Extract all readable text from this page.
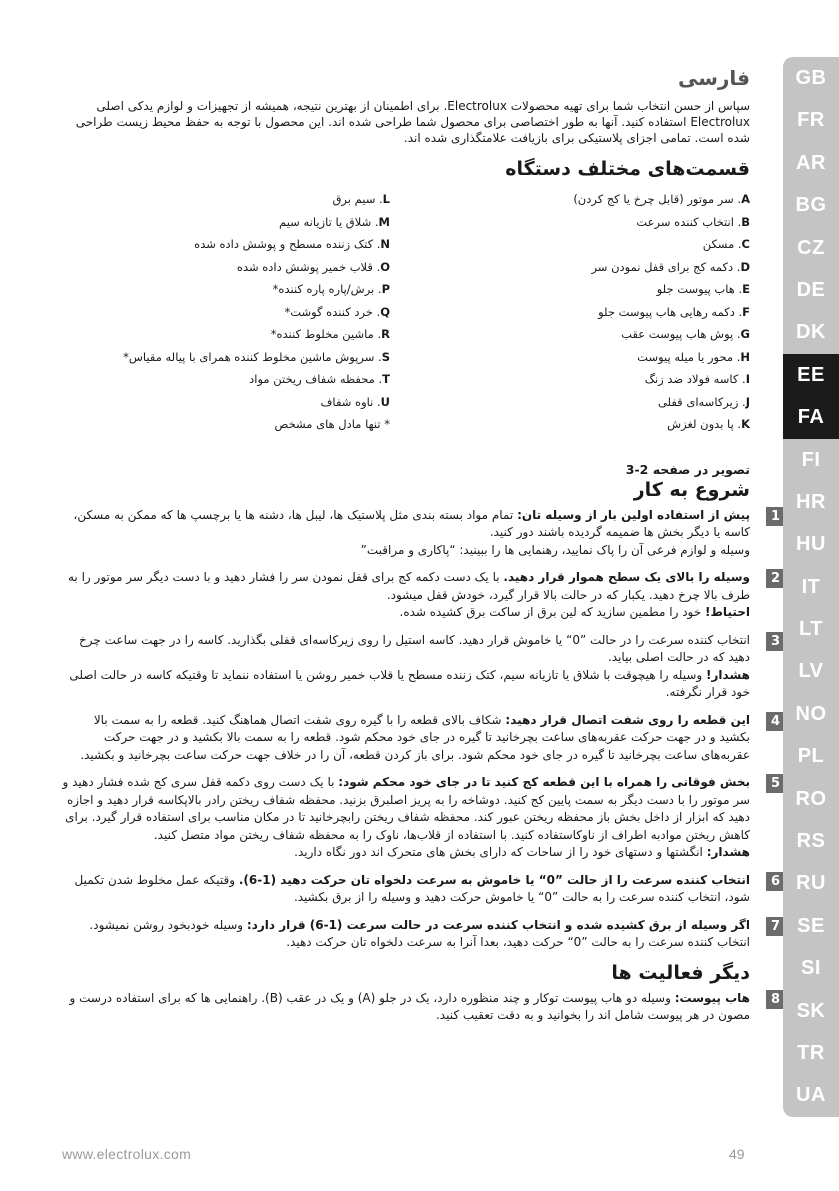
فارسی

سپاس از حسن انتخاب شما برای تهیه محصولات Electrolux. برای اطمینان از بهترین نتیجه، همیشه از تجهیزات و لوازم یدکی اصلی Electrolux استفاده کنید. آنها به طور اختصاصی برای محصول شما طراحی شده اند. این محصول با توجه به حفظ محیط زیست طراحی شده است. تمامی اجزای پلاستیکی برای بازیافت علامتگذاری شده اند.

قسمت‌های مختلف دستگاه
A. سر موتور (قابل چرخ یا کج کردن)
B. انتخاب کننده سرعت
C. مسکن
D. دکمه کج برای قفل نمودن سر
E. هاب پیوست جلو
F. دکمه رهایی هاب پیوست جلو
G. پوش هاب پیوست عقب
H. محور یا میله پیوست
I. کاسه فولاد ضد زنگ
J. زیرکاسه‌ای قفلی
K. پا بدون لغزش
L. سیم برق
M. شلاق یا تازیانه سیم
N. کتک زننده مسطح و پوشش داده شده
O. قلاب خمیر پوشش داده شده
P. برش/پاره پاره کننده*
Q. خرد کننده گوشت*
R. ماشین مخلوط کننده*
S. سرپوش ماشین مخلوط کننده همرای با پیاله مقیاس*
T. محفظه شفاف ریختن مواد
U. ناوه شفاف

* تنها مادل های مشخص

تصویر در صفحه 2-3

شروع به کار
1

پیش از استفاده اولین بار از وسیله تان: تمام مواد بسته بندی مثل پلاستیک ها، لیبل ها، دشنه ها یا برچسپ ها که ممکن به مسکن، کاسه یا دیگر بخش ها ضمیمه گردیده باشند دور کنید.

وسیله و لوازم فرعی آن را پاک نمایید، رهنمایی ها را ببینید: “پاکاری و مراقبت”

2

وسیله را بالای یک سطح هموار قرار دهید. با یک دست دکمه کج برای قفل نمودن سر را فشار دهید و با دست دیگر سر موتور را به طرف بالا چرخ دهید. یکبار که در حالت بالا قرار گیرد، خودش قفل میشود.

احتیاط! خود را مطمین سازید که لین برق از ساکت برق کشیده شده.

3

انتخاب کننده سرعت را در حالت ”0“ یا خاموش قرار دهید. کاسه استیل را روی زیرکاسه‌ای قفلی بگذارید. کاسه را در جهت ساعت چرخ دهید که در حالت اصلی بیاید.

هشدار! وسیله را هیچوقت با شلاق یا تازیانه سیم، کتک زننده مسطح یا قلاب خمیر روشن یا استفاده ننماید تا وقتیکه کاسه در حالت اصلی خود قرار نگرفته.

4

این قطعه را روی شفت اتصال قرار دهید: شکاف بالای قطعه را با گیره روی شفت اتصال هماهنگ کنید. قطعه را به سمت بالا بکشید و در جهت حرکت عقربه‌های ساعت بچرخانید تا گیره در جای خود محکم شود. قطعه را به سمت بالا بکشید و در جهت حرکت عقربه‌های ساعت بچرخانید تا گیره در جای خود محکم شود. برای باز کردن قطعه، آن را در خلاف جهت حرکت ساعت بچرخانید و بکشید.

5

بخش فوقانی را همراه با این قطعه کج کنید تا در جای خود محکم شود: با یک دست روی دکمه قفل سری کج شده فشار دهید و سر موتور را با دست دیگر به سمت پایین کج کنید. دوشاخه را به پریز اصلبرق بزنید. محفظه شفاف ریختن رادر بالاپکاسه قرار دهید و اجازه دهید که ابزار از داخل بخش باز محفظه ریختن عبور کند. محفظه شفاف ریختن رابچرخانید تا در مکان مناسب برای استفاده قرار گیرد. برای کاهش ریختن موادبه اطراف از ناوکاستفاده کنید. با استفاده از قلاب‌ها، ناوک را به محفظه شفاف ریختن مواد متصل کنید.

هشدار: انگشتها و دستهای خود را از ساحات که دارای بخش های متحرک اند دور نگاه دارید.

6

انتخاب کننده سرعت را از حالت ”0“ یا خاموش به سرعت دلخواه تان حرکت دهید (1-6). وقتیکه عمل مخلوط شدن تکمیل شود، انتخاب کننده سرعت را به حالت ”0“ یا خاموش حرکت دهید و وسیله را از برق بکشید.

7

اگر وسیله از برق کشیده شده و انتخاب کننده سرعت در حالت سرعت (1-6) قرار دارد: وسیله خودبخود روشن نمیشود. انتخاب کننده سرعت را به حالت ”0“ حرکت دهید، بعدا آنرا به سرعت دلخواه تان حرکت دهید.

دیگر فعالیت ها
8

هاب پیوست: وسیله دو هاب پیوست توکار و چند منظوره دارد، یک در جلو (A) و یک در عقب (B). راهنمایی ها که برای استفاده درست و مصون در هر پیوست شامل اند را بخوانید و به دقت تعقیب کنید.

GB
FR
AR
BG
CZ
DE
DK
EE
FA
FI
HR
HU
IT
LT
LV
NO
PL
RO
RS
RU
SE
SI
SK
TR
UA
www.electrolux.com	49
